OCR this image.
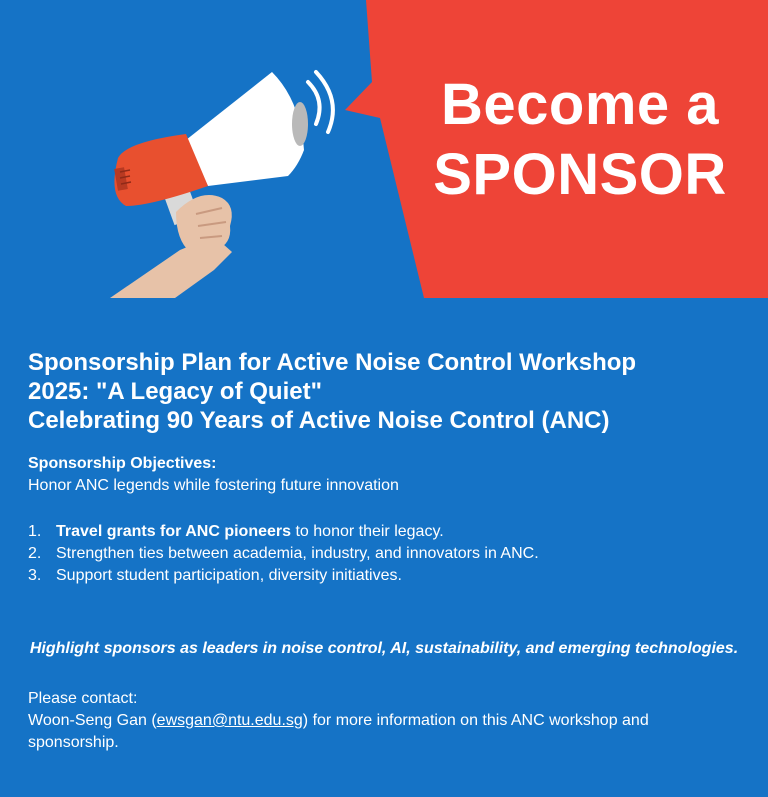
Become a
SPONSOR
Sponsorship Plan for Active Noise Control Workshop
2025: "A Legacy of Quiet"
Celebrating 90 Years of Active Noise Control (ANC)
Sponsorship Objectives:
Honor ANC legends while fostering future innovation
1. Travel grants for ANC pioneers to honor their legacy.
2. Strengthen ties between academia, industry, and innovators in ANC.
3. Support student participation, diversity initiatives.
Highlight sponsors as leaders in noise control, AI, sustainability, and emerging technologies.
Please contact:
Woon-Seng Gan (ewsgan@ntu.edu.sg) for more information on this ANC workshop and sponsorship.
